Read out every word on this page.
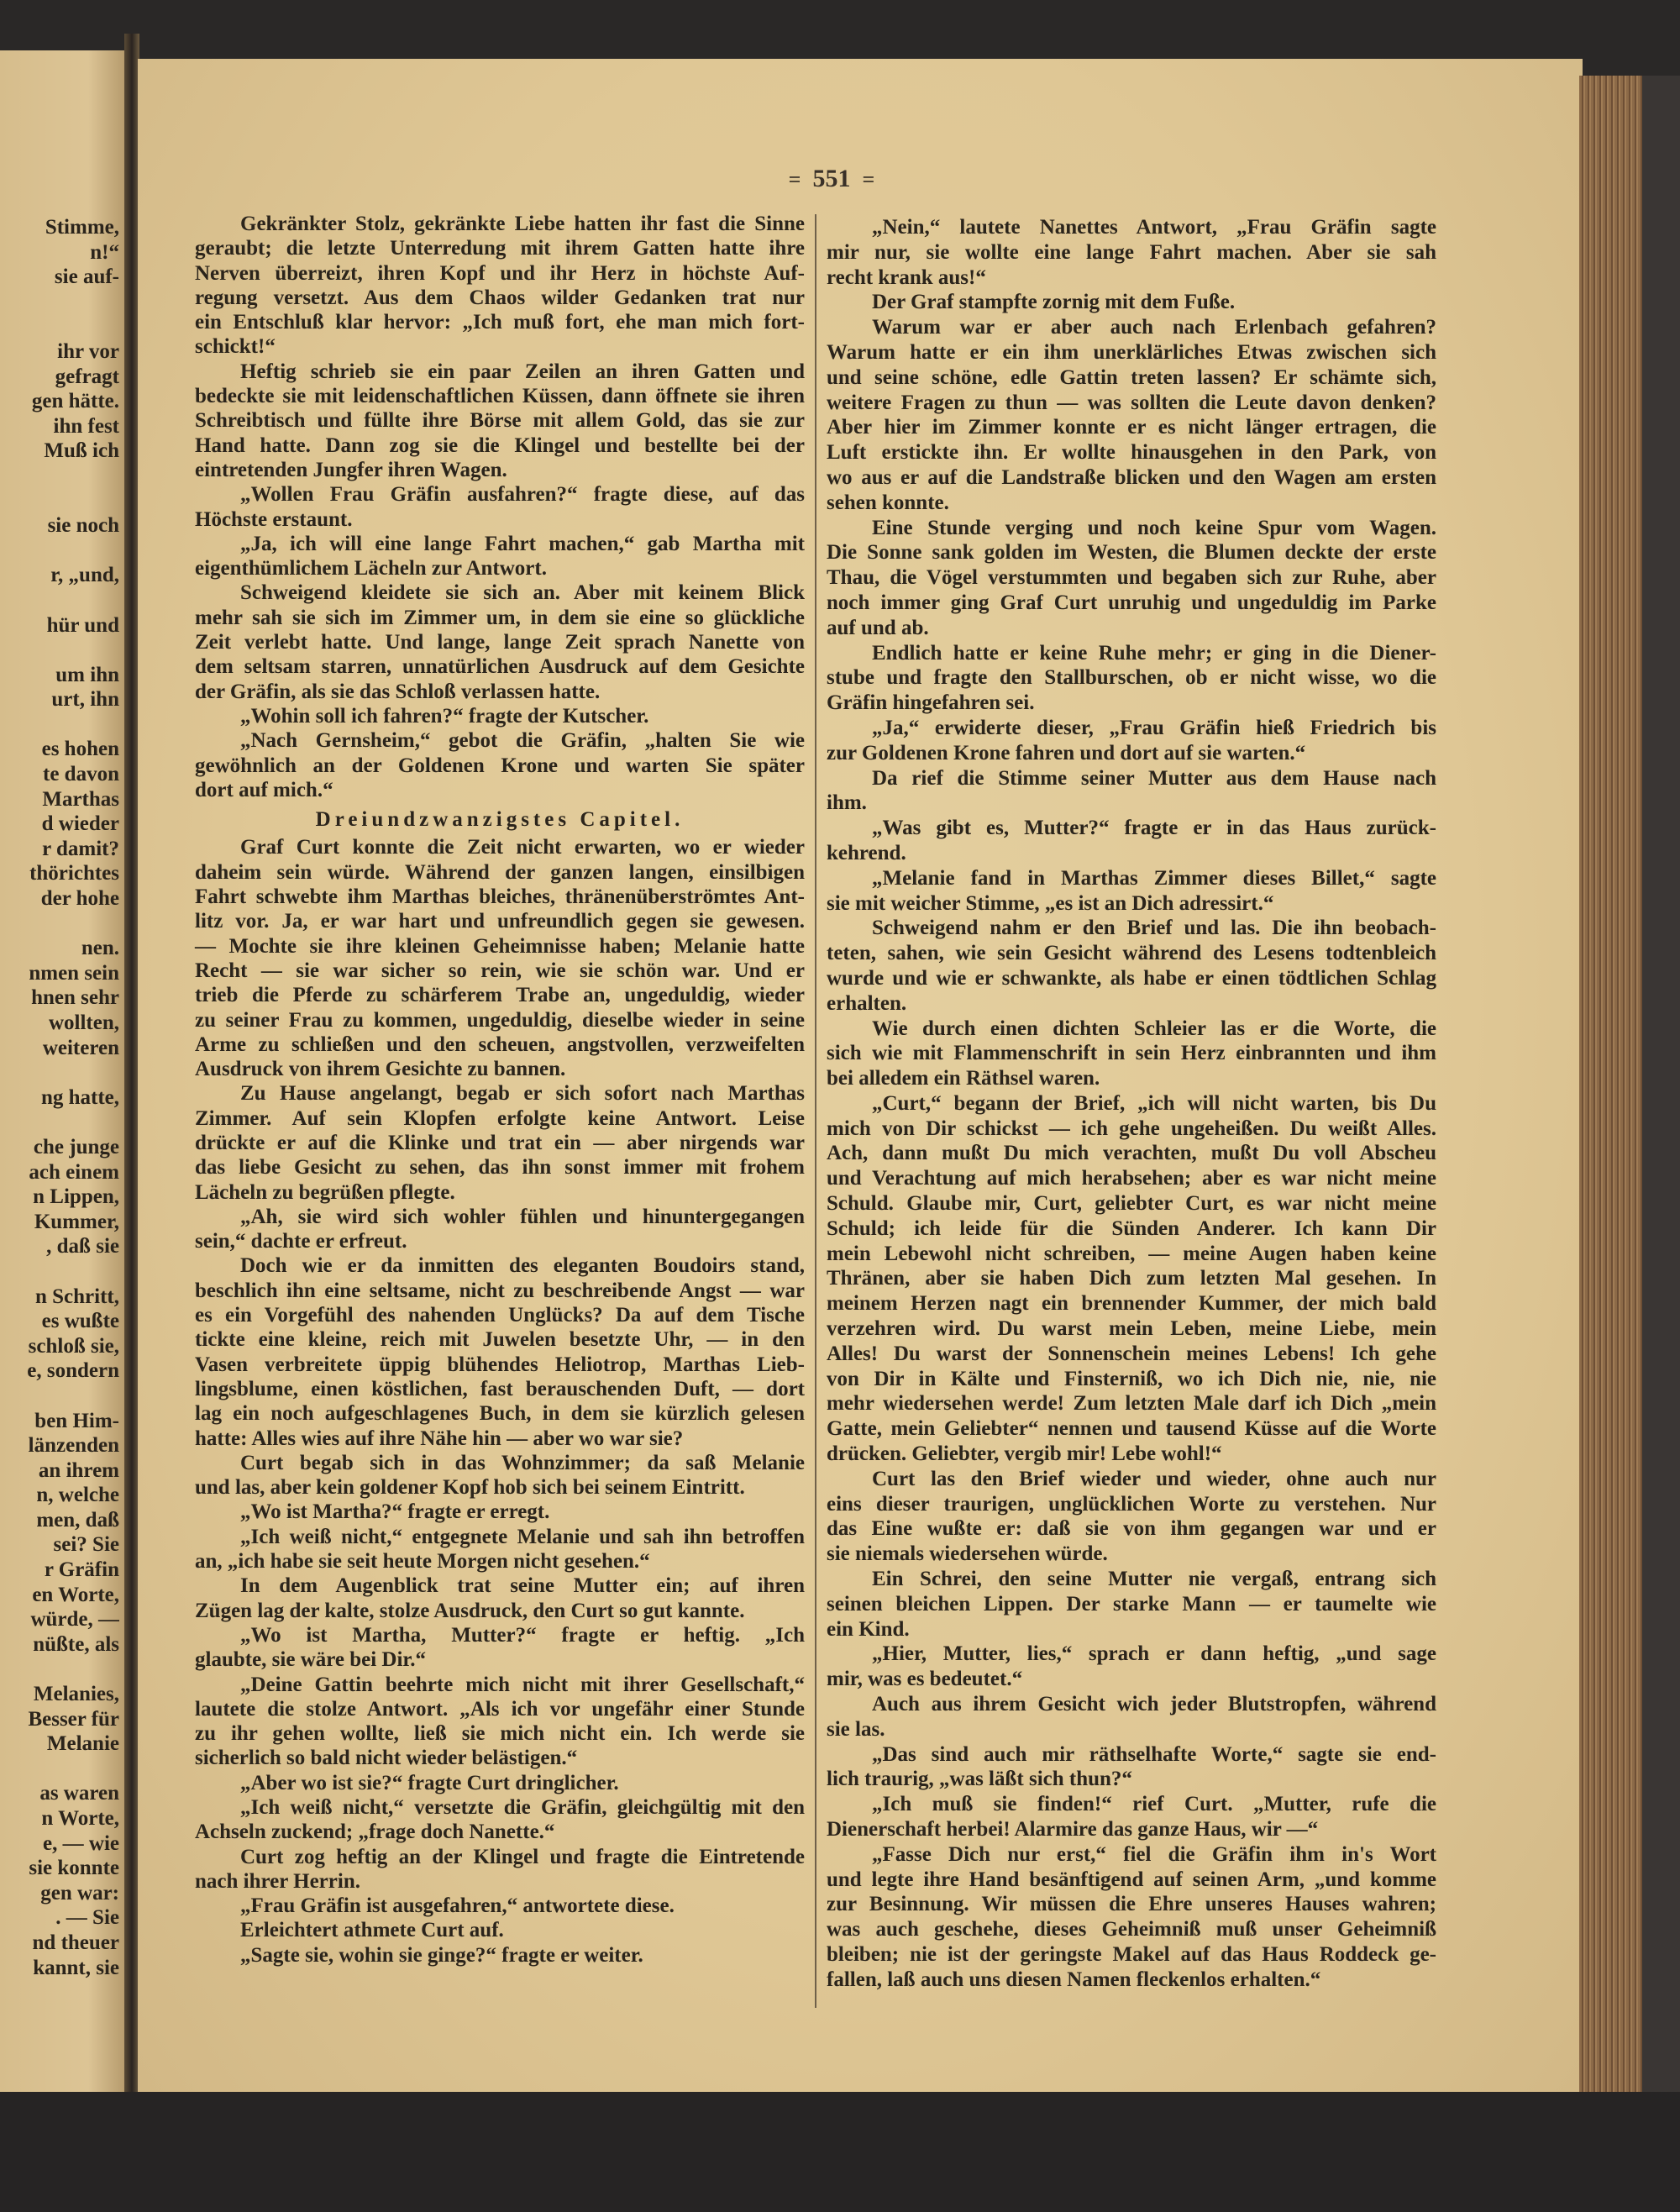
Stimme,
n!“
sie auf-
ihr vor
gefragt
gen hätte.
ihn fest
Muß ich
sie noch
r, „und,
hür und
um ihn
urt, ihn
es hohen
te davon
Marthas
d wieder
r damit?
thörichtes
der hohe
nen.
nmen sein
hnen sehr
wollten,
weiteren
ng hatte,
che junge
ach einem
n Lippen,
Kummer,
, daß sie
n Schritt,
es wußte
schloß sie,
e, sondern
ben Him-
länzenden
an ihrem
n, welche
men, daß
sei? Sie
r Gräfin
en Worte,
würde, —
nüßte, als
Melanies,
Besser für
Melanie
as waren
n Worte,
e, — wie
sie konnte
gen war:
. — Sie
nd theuer
kannt, sie
= 551 =
Gekränkter Stolz, gekränkte Liebe hatten ihr fast die Sinne
geraubt; die letzte Unterredung mit ihrem Gatten hatte ihre
Nerven überreizt, ihren Kopf und ihr Herz in höchste Auf-
regung versetzt. Aus dem Chaos wilder Gedanken trat nur
ein Entschluß klar hervor: „Ich muß fort, ehe man mich fort-
schickt!“
Heftig schrieb sie ein paar Zeilen an ihren Gatten und
bedeckte sie mit leidenschaftlichen Küssen, dann öffnete sie ihren
Schreibtisch und füllte ihre Börse mit allem Gold, das sie zur
Hand hatte. Dann zog sie die Klingel und bestellte bei der
eintretenden Jungfer ihren Wagen.
„Wollen Frau Gräfin ausfahren?“ fragte diese, auf das
Höchste erstaunt.
„Ja, ich will eine lange Fahrt machen,“ gab Martha mit
eigenthümlichem Lächeln zur Antwort.
Schweigend kleidete sie sich an. Aber mit keinem Blick
mehr sah sie sich im Zimmer um, in dem sie eine so glückliche
Zeit verlebt hatte. Und lange, lange Zeit sprach Nanette von
dem seltsam starren, unnatürlichen Ausdruck auf dem Gesichte
der Gräfin, als sie das Schloß verlassen hatte.
„Wohin soll ich fahren?“ fragte der Kutscher.
„Nach Gernsheim,“ gebot die Gräfin, „halten Sie wie
gewöhnlich an der Goldenen Krone und warten Sie später
dort auf mich.“
Dreiundzwanzigstes Capitel.
Graf Curt konnte die Zeit nicht erwarten, wo er wieder
daheim sein würde. Während der ganzen langen, einsilbigen
Fahrt schwebte ihm Marthas bleiches, thränenüberströmtes Ant-
litz vor. Ja, er war hart und unfreundlich gegen sie gewesen.
— Mochte sie ihre kleinen Geheimnisse haben; Melanie hatte
Recht — sie war sicher so rein, wie sie schön war. Und er
trieb die Pferde zu schärferem Trabe an, ungeduldig, wieder
zu seiner Frau zu kommen, ungeduldig, dieselbe wieder in seine
Arme zu schließen und den scheuen, angstvollen, verzweifelten
Ausdruck von ihrem Gesichte zu bannen.
Zu Hause angelangt, begab er sich sofort nach Marthas
Zimmer. Auf sein Klopfen erfolgte keine Antwort. Leise
drückte er auf die Klinke und trat ein — aber nirgends war
das liebe Gesicht zu sehen, das ihn sonst immer mit frohem
Lächeln zu begrüßen pflegte.
„Ah, sie wird sich wohler fühlen und hinuntergegangen
sein,“ dachte er erfreut.
Doch wie er da inmitten des eleganten Boudoirs stand,
beschlich ihn eine seltsame, nicht zu beschreibende Angst — war
es ein Vorgefühl des nahenden Unglücks? Da auf dem Tische
tickte eine kleine, reich mit Juwelen besetzte Uhr, — in den
Vasen verbreitete üppig blühendes Heliotrop, Marthas Lieb-
lingsblume, einen köstlichen, fast berauschenden Duft, — dort
lag ein noch aufgeschlagenes Buch, in dem sie kürzlich gelesen
hatte: Alles wies auf ihre Nähe hin — aber wo war sie?
Curt begab sich in das Wohnzimmer; da saß Melanie
und las, aber kein goldener Kopf hob sich bei seinem Eintritt.
„Wo ist Martha?“ fragte er erregt.
„Ich weiß nicht,“ entgegnete Melanie und sah ihn betroffen
an, „ich habe sie seit heute Morgen nicht gesehen.“
In dem Augenblick trat seine Mutter ein; auf ihren
Zügen lag der kalte, stolze Ausdruck, den Curt so gut kannte.
„Wo ist Martha, Mutter?“ fragte er heftig. „Ich
glaubte, sie wäre bei Dir.“
„Deine Gattin beehrte mich nicht mit ihrer Gesellschaft,“
lautete die stolze Antwort. „Als ich vor ungefähr einer Stunde
zu ihr gehen wollte, ließ sie mich nicht ein. Ich werde sie
sicherlich so bald nicht wieder belästigen.“
„Aber wo ist sie?“ fragte Curt dringlicher.
„Ich weiß nicht,“ versetzte die Gräfin, gleichgültig mit den
Achseln zuckend; „frage doch Nanette.“
Curt zog heftig an der Klingel und fragte die Eintretende
nach ihrer Herrin.
„Frau Gräfin ist ausgefahren,“ antwortete diese.
Erleichtert athmete Curt auf.
„Sagte sie, wohin sie ginge?“ fragte er weiter.
„Nein,“ lautete Nanettes Antwort, „Frau Gräfin sagte
mir nur, sie wollte eine lange Fahrt machen. Aber sie sah
recht krank aus!“
Der Graf stampfte zornig mit dem Fuße.
Warum war er aber auch nach Erlenbach gefahren?
Warum hatte er ein ihm unerklärliches Etwas zwischen sich
und seine schöne, edle Gattin treten lassen? Er schämte sich,
weitere Fragen zu thun — was sollten die Leute davon denken?
Aber hier im Zimmer konnte er es nicht länger ertragen, die
Luft erstickte ihn. Er wollte hinausgehen in den Park, von
wo aus er auf die Landstraße blicken und den Wagen am ersten
sehen konnte.
Eine Stunde verging und noch keine Spur vom Wagen.
Die Sonne sank golden im Westen, die Blumen deckte der erste
Thau, die Vögel verstummten und begaben sich zur Ruhe, aber
noch immer ging Graf Curt unruhig und ungeduldig im Parke
auf und ab.
Endlich hatte er keine Ruhe mehr; er ging in die Diener-
stube und fragte den Stallburschen, ob er nicht wisse, wo die
Gräfin hingefahren sei.
„Ja,“ erwiderte dieser, „Frau Gräfin hieß Friedrich bis
zur Goldenen Krone fahren und dort auf sie warten.“
Da rief die Stimme seiner Mutter aus dem Hause nach
ihm.
„Was gibt es, Mutter?“ fragte er in das Haus zurück-
kehrend.
„Melanie fand in Marthas Zimmer dieses Billet,“ sagte
sie mit weicher Stimme, „es ist an Dich adressirt.“
Schweigend nahm er den Brief und las. Die ihn beobach-
teten, sahen, wie sein Gesicht während des Lesens todtenbleich
wurde und wie er schwankte, als habe er einen tödtlichen Schlag
erhalten.
Wie durch einen dichten Schleier las er die Worte, die
sich wie mit Flammenschrift in sein Herz einbrannten und ihm
bei alledem ein Räthsel waren.
„Curt,“ begann der Brief, „ich will nicht warten, bis Du
mich von Dir schickst — ich gehe ungeheißen. Du weißt Alles.
Ach, dann mußt Du mich verachten, mußt Du voll Abscheu
und Verachtung auf mich herabsehen; aber es war nicht meine
Schuld. Glaube mir, Curt, geliebter Curt, es war nicht meine
Schuld; ich leide für die Sünden Anderer. Ich kann Dir
mein Lebewohl nicht schreiben, — meine Augen haben keine
Thränen, aber sie haben Dich zum letzten Mal gesehen. In
meinem Herzen nagt ein brennender Kummer, der mich bald
verzehren wird. Du warst mein Leben, meine Liebe, mein
Alles! Du warst der Sonnenschein meines Lebens! Ich gehe
von Dir in Kälte und Finsterniß, wo ich Dich nie, nie, nie
mehr wiedersehen werde! Zum letzten Male darf ich Dich „mein
Gatte, mein Geliebter“ nennen und tausend Küsse auf die Worte
drücken. Geliebter, vergib mir! Lebe wohl!“
Curt las den Brief wieder und wieder, ohne auch nur
eins dieser traurigen, unglücklichen Worte zu verstehen. Nur
das Eine wußte er: daß sie von ihm gegangen war und er
sie niemals wiedersehen würde.
Ein Schrei, den seine Mutter nie vergaß, entrang sich
seinen bleichen Lippen. Der starke Mann — er taumelte wie
ein Kind.
„Hier, Mutter, lies,“ sprach er dann heftig, „und sage
mir, was es bedeutet.“
Auch aus ihrem Gesicht wich jeder Blutstropfen, während
sie las.
„Das sind auch mir räthselhafte Worte,“ sagte sie end-
lich traurig, „was läßt sich thun?“
„Ich muß sie finden!“ rief Curt. „Mutter, rufe die
Dienerschaft herbei! Alarmire das ganze Haus, wir —“
„Fasse Dich nur erst,“ fiel die Gräfin ihm in's Wort
und legte ihre Hand besänftigend auf seinen Arm, „und komme
zur Besinnung. Wir müssen die Ehre unseres Hauses wahren;
was auch geschehe, dieses Geheimniß muß unser Geheimniß
bleiben; nie ist der geringste Makel auf das Haus Roddeck ge-
fallen, laß auch uns diesen Namen fleckenlos erhalten.“
